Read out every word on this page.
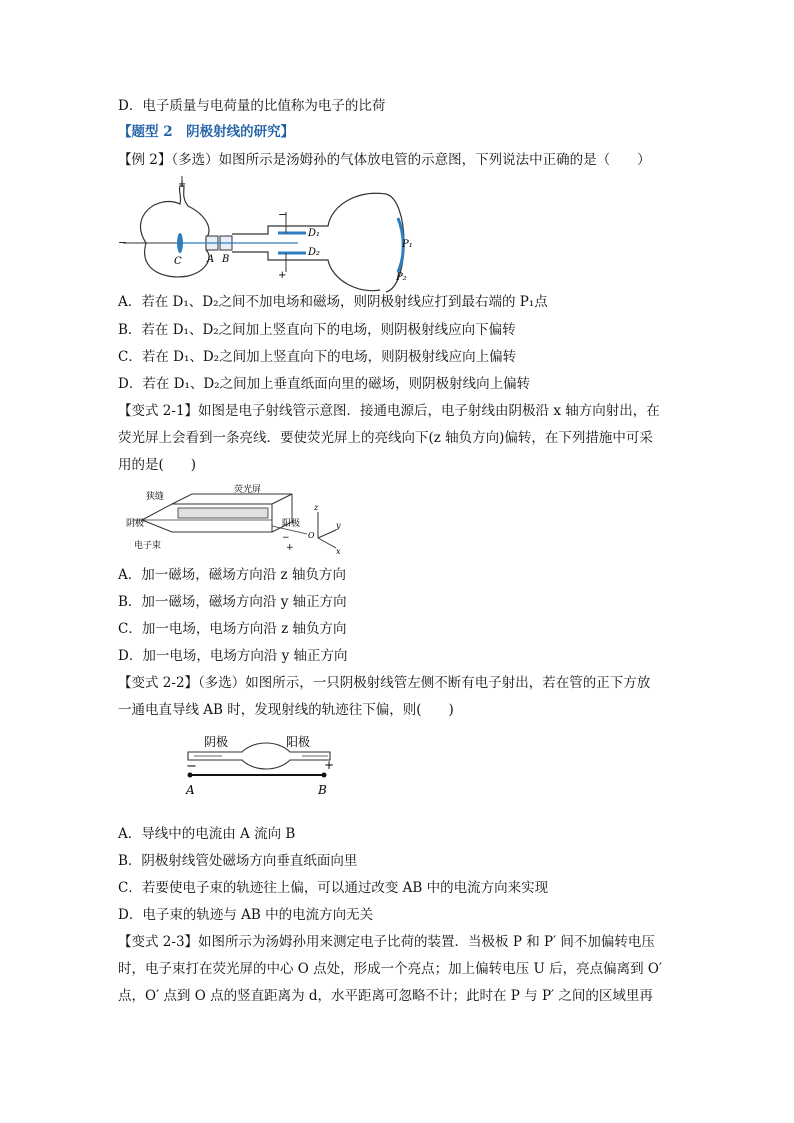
D．电子质量与电荷量的比值称为电子的比荷
【题型 2　阴极射线的研究】
【例 2】（多选）如图所示是汤姆孙的气体放电管的示意图，下列说法中正确的是（　　）
+
−
C	A B
−
D₁
D₂
+
P₁
P₂
A．若在 D₁、D₂之间不加电场和磁场，则阴极射线应打到最右端的 P₁点
B．若在 D₁、D₂之间加上竖直向下的电场，则阴极射线应向下偏转
C．若在 D₁、D₂之间加上竖直向下的电场，则阴极射线应向上偏转
D．若在 D₁、D₂之间加上垂直纸面向里的磁场，则阴极射线向上偏转
【变式 2-1】如图是电子射线管示意图．接通电源后，电子射线由阴极沿 x 轴方向射出，在
荧光屏上会看到一条亮线．要使荧光屏上的亮线向下(z 轴负方向)偏转，在下列措施中可采
用的是(　　)
狭缝
荧光屏
阴极	阳极
电子束
−
+
z
y
O
x
A．加一磁场，磁场方向沿 z 轴负方向
B．加一磁场，磁场方向沿 y 轴正方向
C．加一电场，电场方向沿 z 轴负方向
D．加一电场，电场方向沿 y 轴正方向
【变式 2-2】（多选）如图所示，一只阴极射线管左侧不断有电子射出，若在管的正下方放
一通电直导线 AB 时，发现射线的轨迹往下偏，则(　　)
阴极	阳极
−	+
A	B
A．导线中的电流由 A 流向 B
B．阴极射线管处磁场方向垂直纸面向里
C．若要使电子束的轨迹往上偏，可以通过改变 AB 中的电流方向来实现
D．电子束的轨迹与 AB 中的电流方向无关
【变式 2-3】如图所示为汤姆孙用来测定电子比荷的装置．当极板 P 和 P′ 间不加偏转电压
时，电子束打在荧光屏的中心 O 点处，形成一个亮点；加上偏转电压 U 后，亮点偏离到 O′
点，O′ 点到 O 点的竖直距离为 d，水平距离可忽略不计；此时在 P 与 P′ 之间的区域里再
